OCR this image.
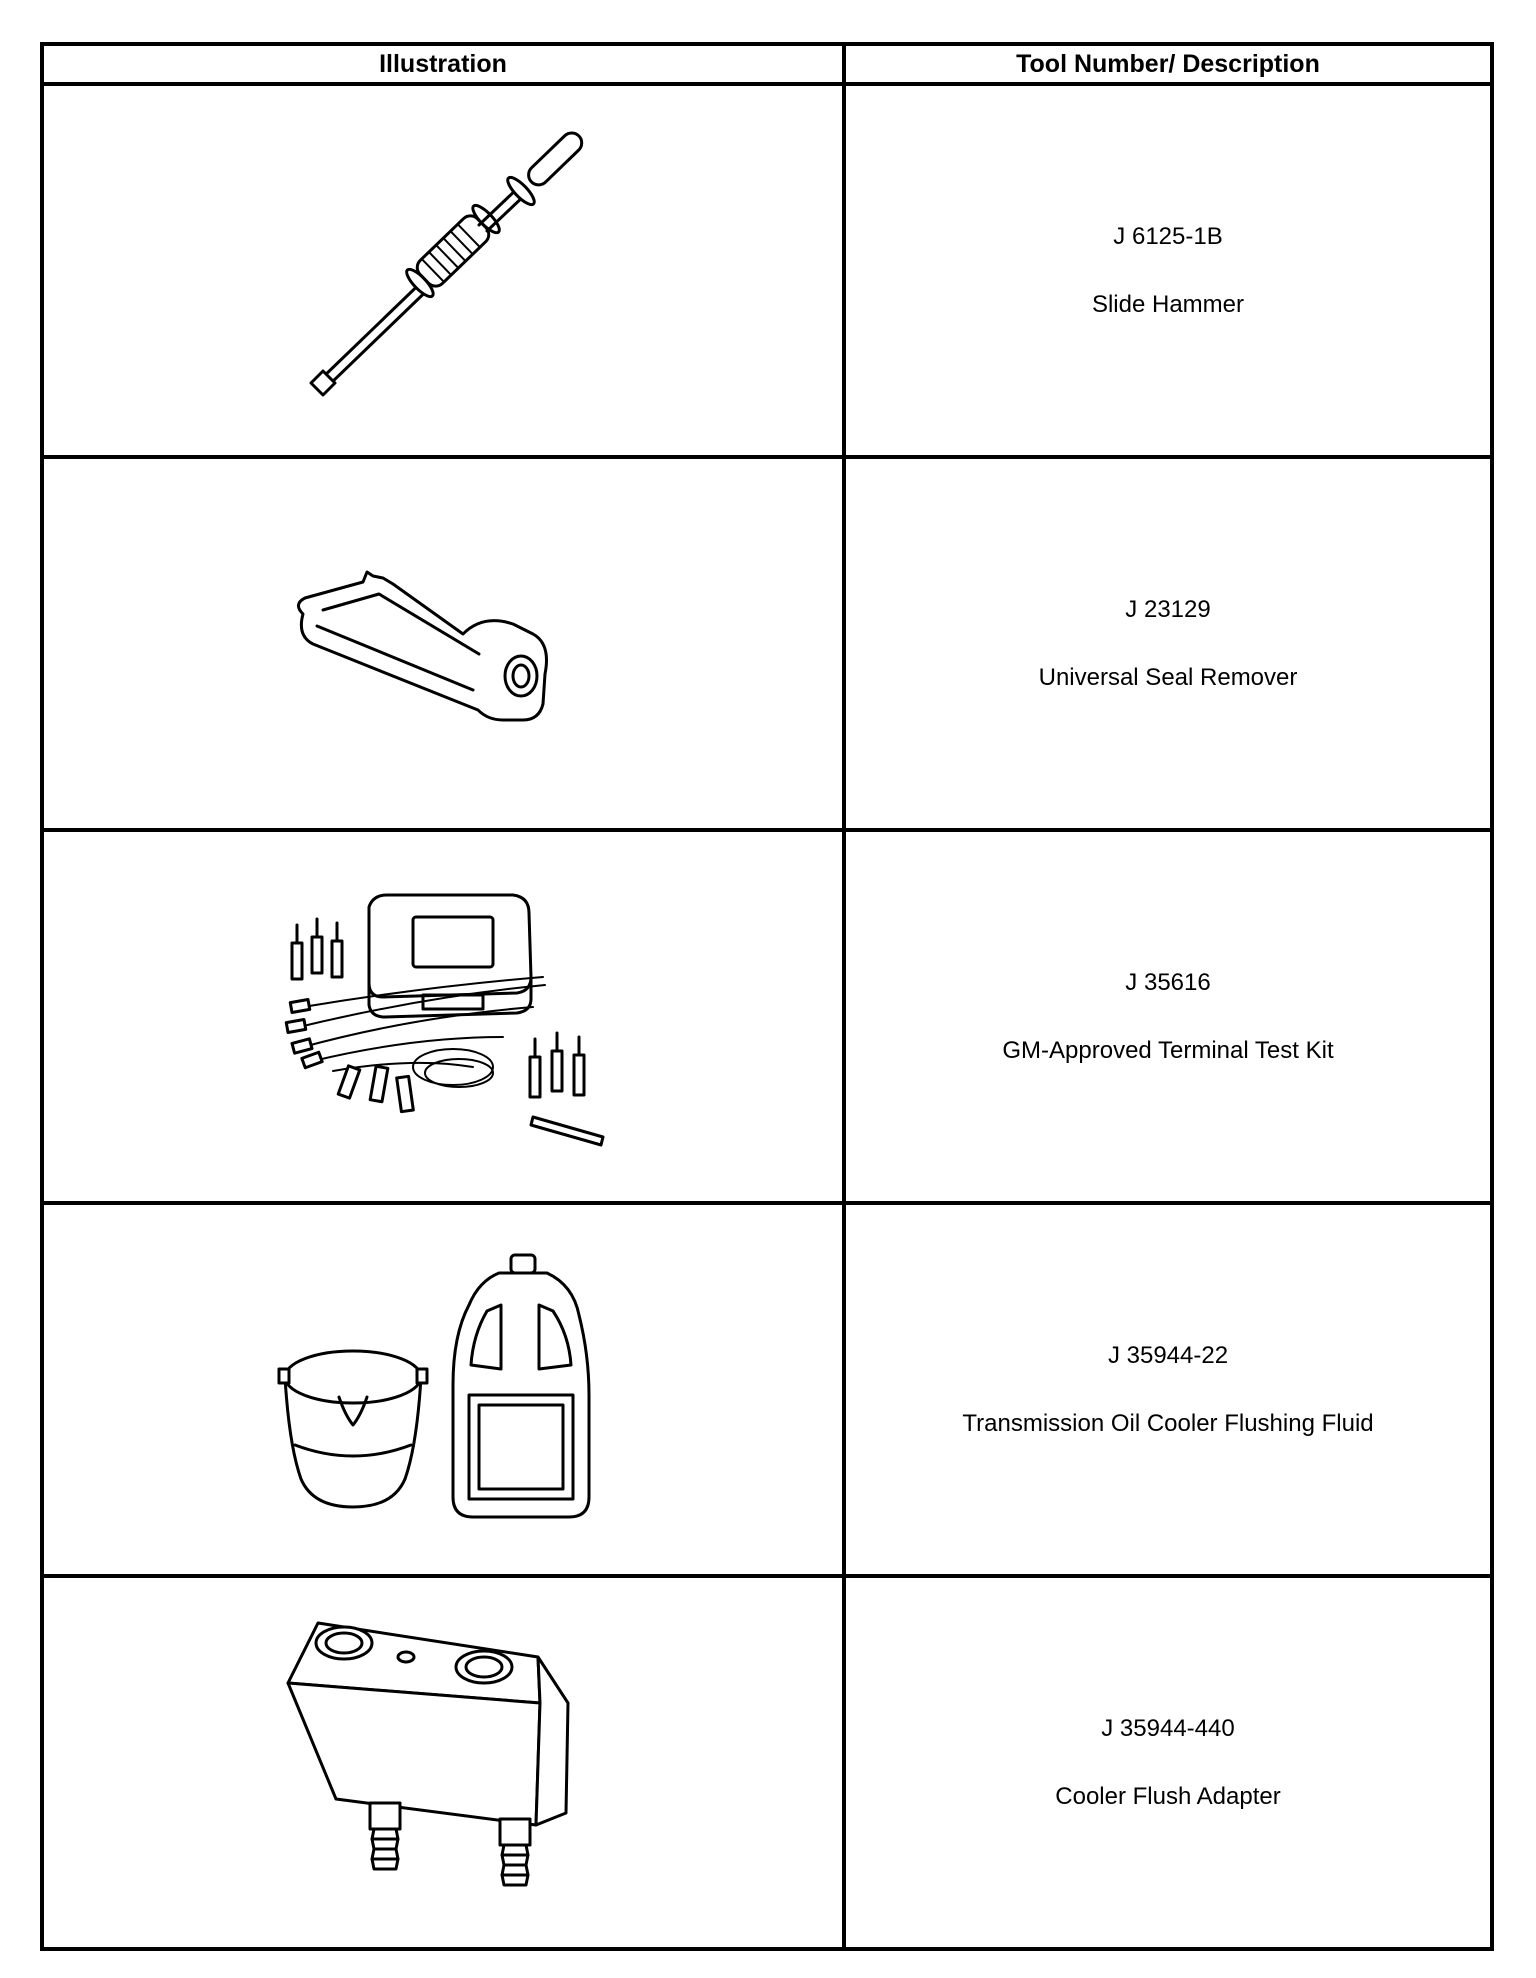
Illustration	Tool Number/ Description

J 6125-1B
Slide Hammer

J 23129
Universal Seal Remover

J 35616
GM-Approved Terminal Test Kit

J 35944-22
Transmission Oil Cooler Flushing Fluid

J 35944-440
Cooler Flush Adapter
